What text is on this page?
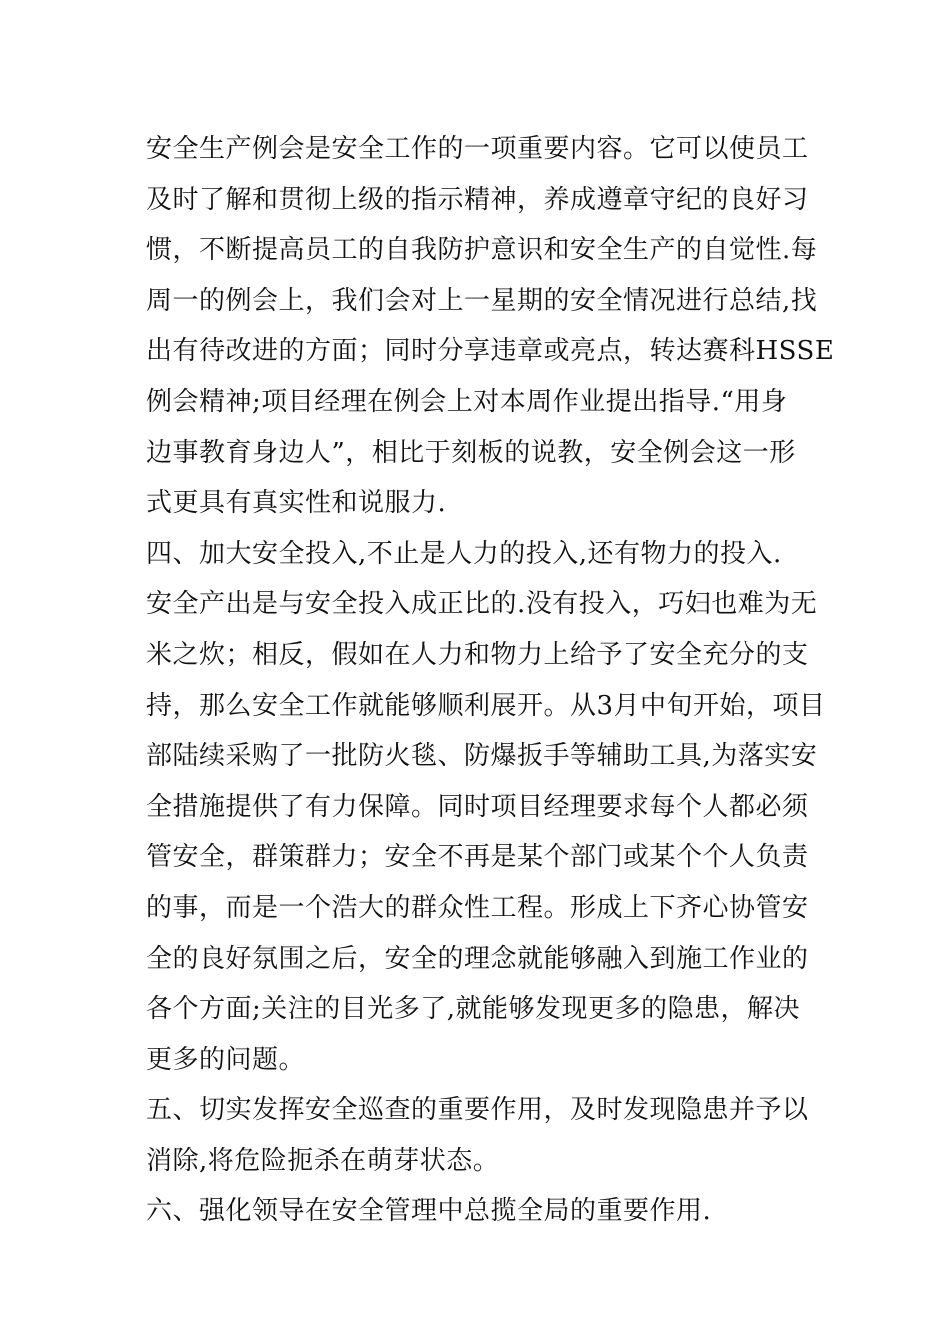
安全生产例会是安全工作的一项重要内容。它可以使员工
及时了解和贯彻上级的指示精神，养成遵章守纪的良好习
惯，不断提高员工的自我防护意识和安全生产的自觉性.每
周一的例会上，我们会对上一星期的安全情况进行总结,找
出有待改进的方面；同时分享违章或亮点，转达赛科HSSE
例会精神;项目经理在例会上对本周作业提出指导.“用身
边事教育身边人”，相比于刻板的说教，安全例会这一形
式更具有真实性和说服力.
四、加大安全投入,不止是人力的投入,还有物力的投入.
安全产出是与安全投入成正比的.没有投入，巧妇也难为无
米之炊；相反，假如在人力和物力上给予了安全充分的支
持，那么安全工作就能够顺利展开。从3月中旬开始，项目
部陆续采购了一批防火毯、防爆扳手等辅助工具,为落实安
全措施提供了有力保障。同时项目经理要求每个人都必须
管安全，群策群力；安全不再是某个部门或某个个人负责
的事，而是一个浩大的群众性工程。形成上下齐心协管安
全的良好氛围之后，安全的理念就能够融入到施工作业的
各个方面;关注的目光多了,就能够发现更多的隐患，解决
更多的问题。
五、切实发挥安全巡查的重要作用，及时发现隐患并予以
消除,将危险扼杀在萌芽状态。
六、强化领导在安全管理中总揽全局的重要作用.
